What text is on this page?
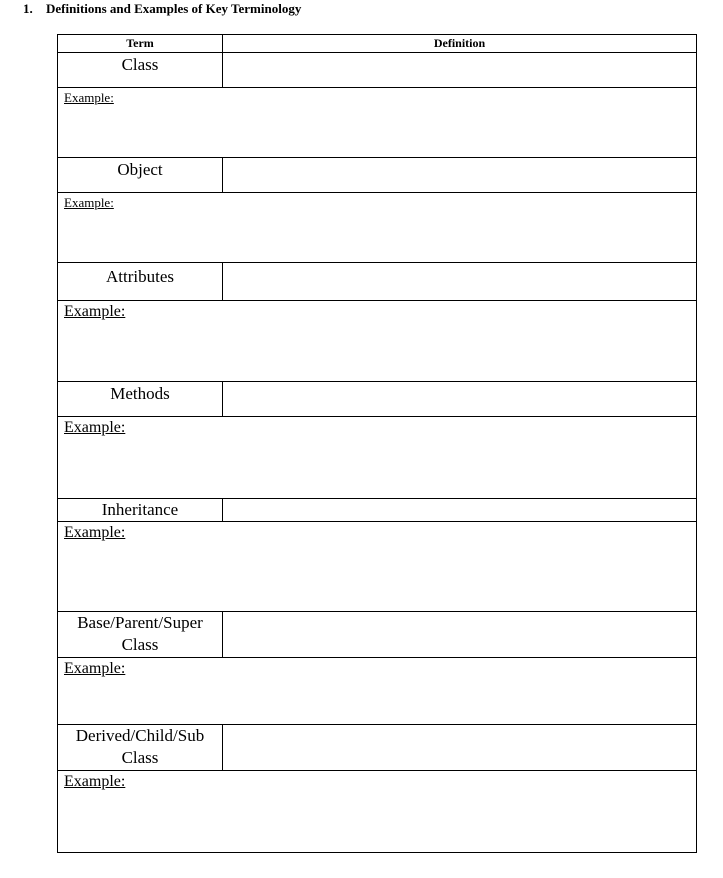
1. Definitions and Examples of Key Terminology
Term	Definition
Class	
Example:	
Object	
Example:	
Attributes	
Example:	
Methods	
Example:	
Inheritance	
Example:	
Base/Parent/Super Class	
Example:	
Derived/Child/Sub Class	
Example:	
